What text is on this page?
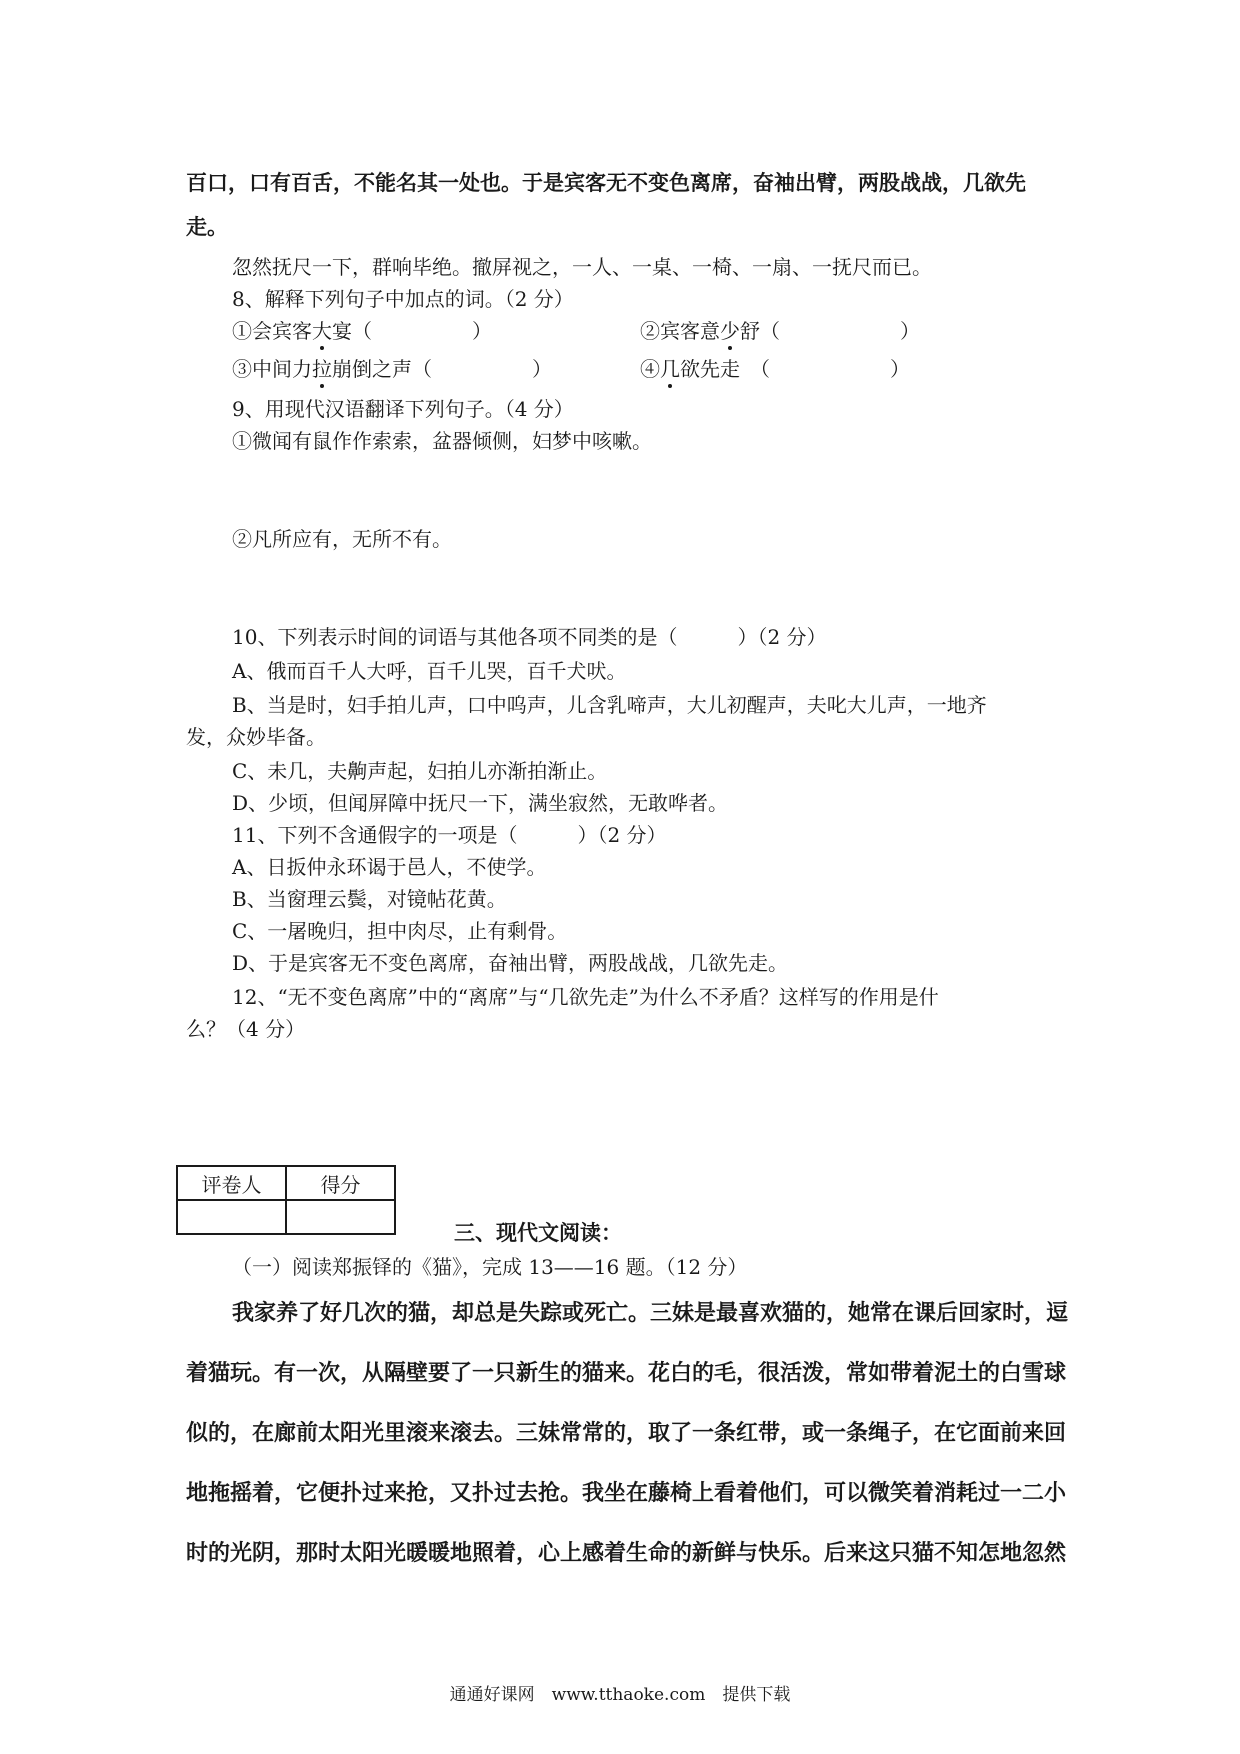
百口，口有百舌，不能名其一处也。于是宾客无不变色离席，奋袖出臂，两股战战，几欲先
走。
忽然抚尺一下，群响毕绝。撤屏视之，一人、一桌、一椅、一扇、一抚尺而已。
8、解释下列句子中加点的词。（2 分）
①会宾客大宴（　　　　　）	②宾客意少舒（　　　　　　）
③中间力拉崩倒之声（　　　　　）	④几欲先走　（　　　　　　）
9、用现代汉语翻译下列句子。（4 分）
①微闻有鼠作作索索，盆器倾侧，妇梦中咳嗽。
②凡所应有，无所不有。
10、下列表示时间的词语与其他各项不同类的是（　　　）（2 分）
A、俄而百千人大呼，百千儿哭，百千犬吠。
B、当是时，妇手拍儿声，口中呜声，儿含乳啼声，大儿初醒声，夫叱大儿声，一地齐
发，众妙毕备。
C、未几，夫齁声起，妇拍儿亦渐拍渐止。
D、少顷，但闻屏障中抚尺一下，满坐寂然，无敢哗者。
11、下列不含通假字的一项是（　　　）（2 分）
A、日扳仲永环谒于邑人，不使学。
B、当窗理云鬓，对镜帖花黄。
C、一屠晚归，担中肉尽，止有剩骨。
D、于是宾客无不变色离席，奋袖出臂，两股战战，几欲先走。
12、“无不变色离席”中的“离席”与“几欲先走”为什么不矛盾？这样写的作用是什
么？（4 分）
评卷人	得分

三、现代文阅读：
（一）阅读郑振铎的《猫》，完成 13——16 题。（12 分）
我家养了好几次的猫，却总是失踪或死亡。三妹是最喜欢猫的，她常在课后回家时，逗
着猫玩。有一次，从隔壁要了一只新生的猫来。花白的毛，很活泼，常如带着泥土的白雪球
似的，在廊前太阳光里滚来滚去。三妹常常的，取了一条红带，或一条绳子，在它面前来回
地拖摇着，它便扑过来抢，又扑过去抢。我坐在藤椅上看着他们，可以微笑着消耗过一二小
时的光阴，那时太阳光暖暖地照着，心上感着生命的新鲜与快乐。后来这只猫不知怎地忽然
通通好课网　www.tthaoke.com　提供下载
